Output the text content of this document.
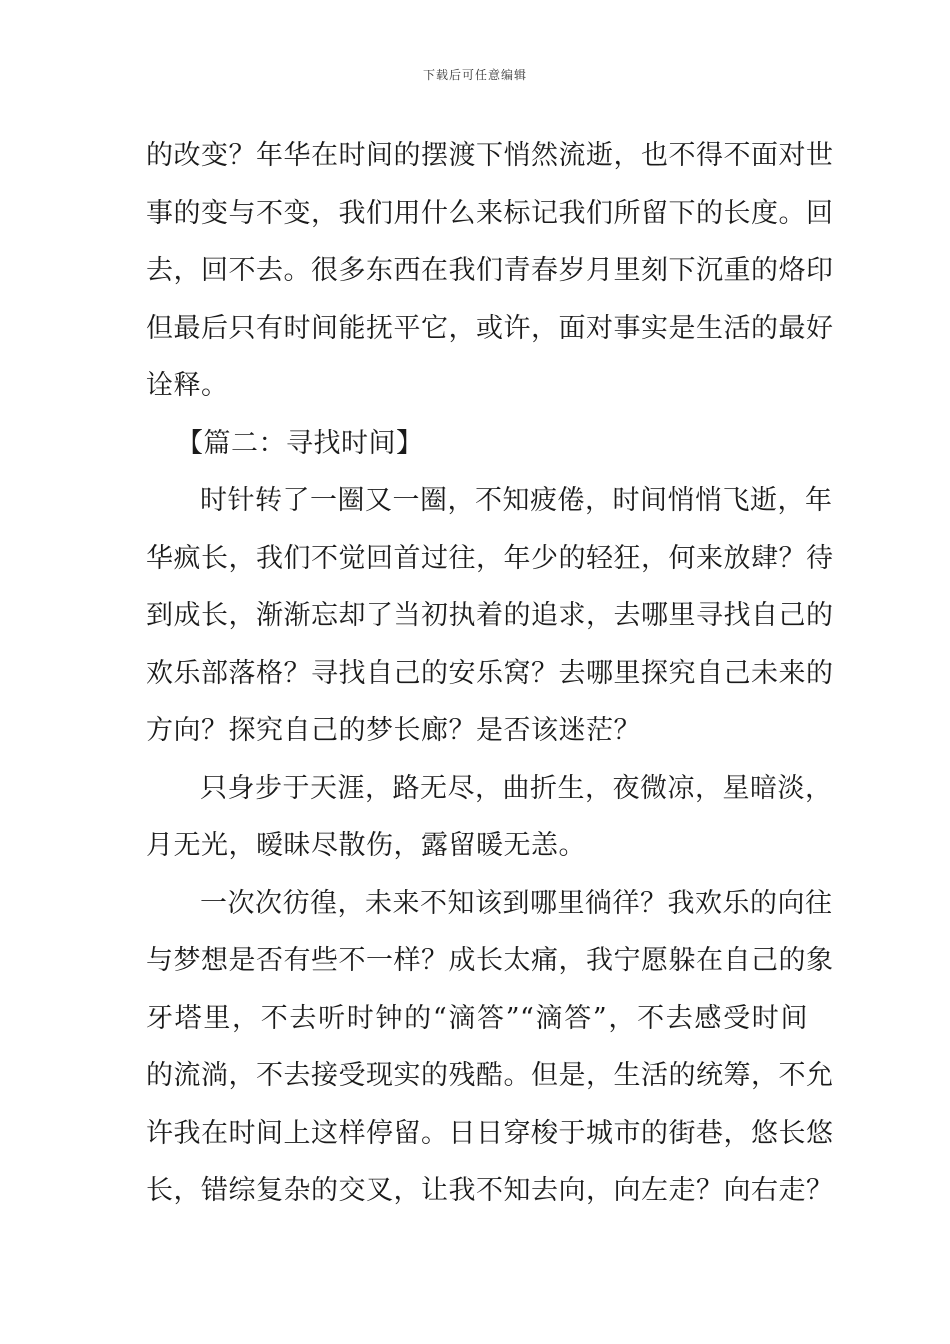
下载后可任意编辑
的改变？年华在时间的摆渡下悄然流逝，也不得不面对世
事的变与不变，我们用什么来标记我们所留下的长度。回
去，回不去。很多东西在我们青春岁月里刻下沉重的烙印
但最后只有时间能抚平它，或许，面对事实是生活的最好
诠释。
【篇二：寻找时间】
时针转了一圈又一圈，不知疲倦，时间悄悄飞逝，年
华疯长，我们不觉回首过往，年少的轻狂，何来放肆？待
到成长，渐渐忘却了当初执着的追求，去哪里寻找自己的
欢乐部落格？寻找自己的安乐窝？去哪里探究自己未来的
方向？探究自己的梦长廊？是否该迷茫？
只身步于天涯，路无尽，曲折生，夜微凉，星暗淡，
月无光，暧昧尽散伤，露留暖无恙。
一次次彷徨，未来不知该到哪里徜徉？我欢乐的向往
与梦想是否有些不一样？成长太痛，我宁愿躲在自己的象
牙塔里，不去听时钟的“滴答”“滴答”，不去感受时间
的流淌，不去接受现实的残酷。但是，生活的统筹，不允
许我在时间上这样停留。日日穿梭于城市的街巷，悠长悠
长，错综复杂的交叉，让我不知去向，向左走？向右走？
